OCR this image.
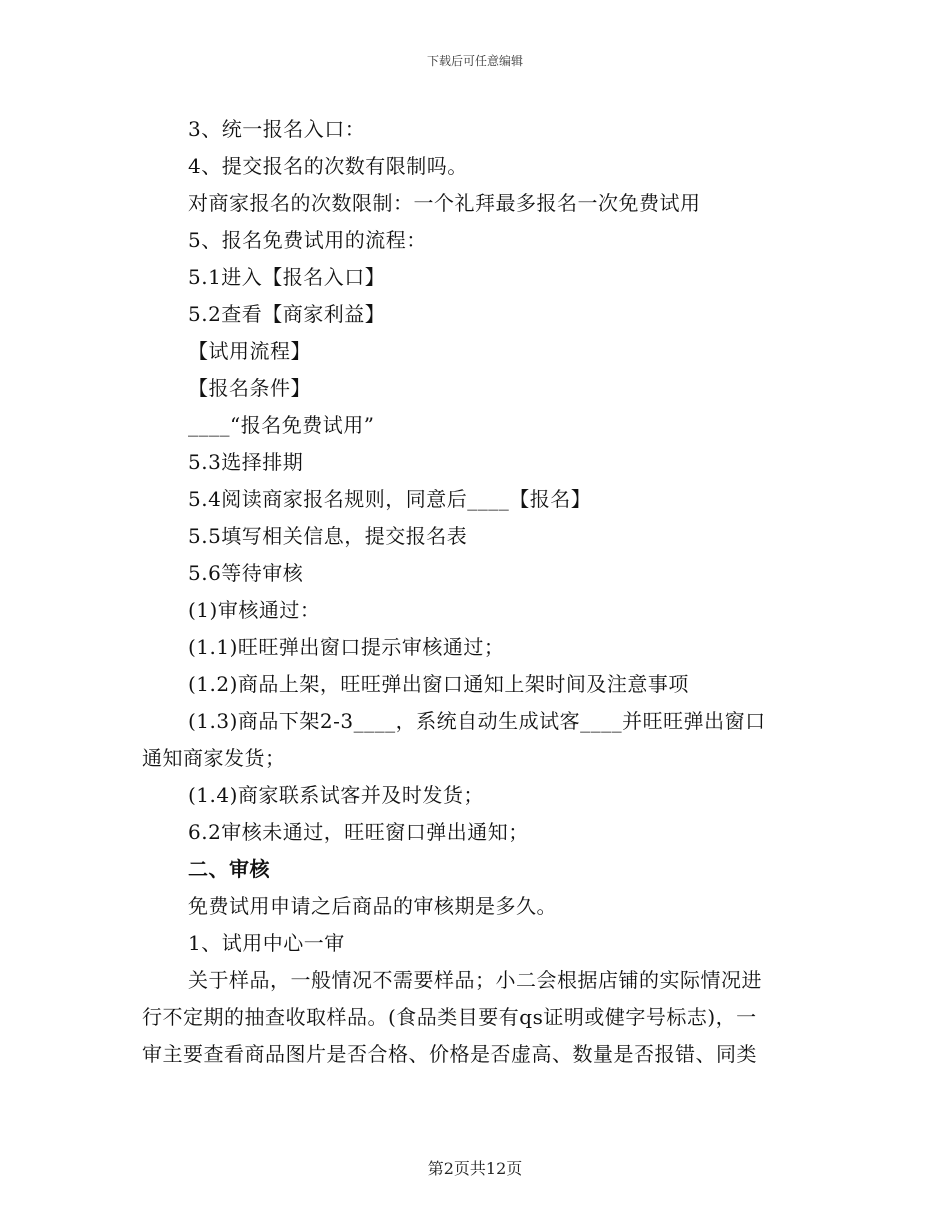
下载后可任意编辑
3、统一报名入口：
4、提交报名的次数有限制吗。
对商家报名的次数限制：一个礼拜最多报名一次免费试用
5、报名免费试用的流程：
5.1进入【报名入口】
5.2查看【商家利益】
【试用流程】
【报名条件】
____“报名免费试用”
5.3选择排期
5.4阅读商家报名规则，同意后____【报名】
5.5填写相关信息，提交报名表
5.6等待审核
(1)审核通过：
(1.1)旺旺弹出窗口提示审核通过；
(1.2)商品上架，旺旺弹出窗口通知上架时间及注意事项
(1.3)商品下架2-3____，系统自动生成试客____并旺旺弹出窗口
通知商家发货；
(1.4)商家联系试客并及时发货；
6.2审核未通过，旺旺窗口弹出通知；
二、审核
免费试用申请之后商品的审核期是多久。
1、试用中心一审
关于样品，一般情况不需要样品；小二会根据店铺的实际情况进
行不定期的抽查收取样品。(食品类目要有qs证明或健字号标志)，一
审主要查看商品图片是否合格、价格是否虚高、数量是否报错、同类
第2页共12页
